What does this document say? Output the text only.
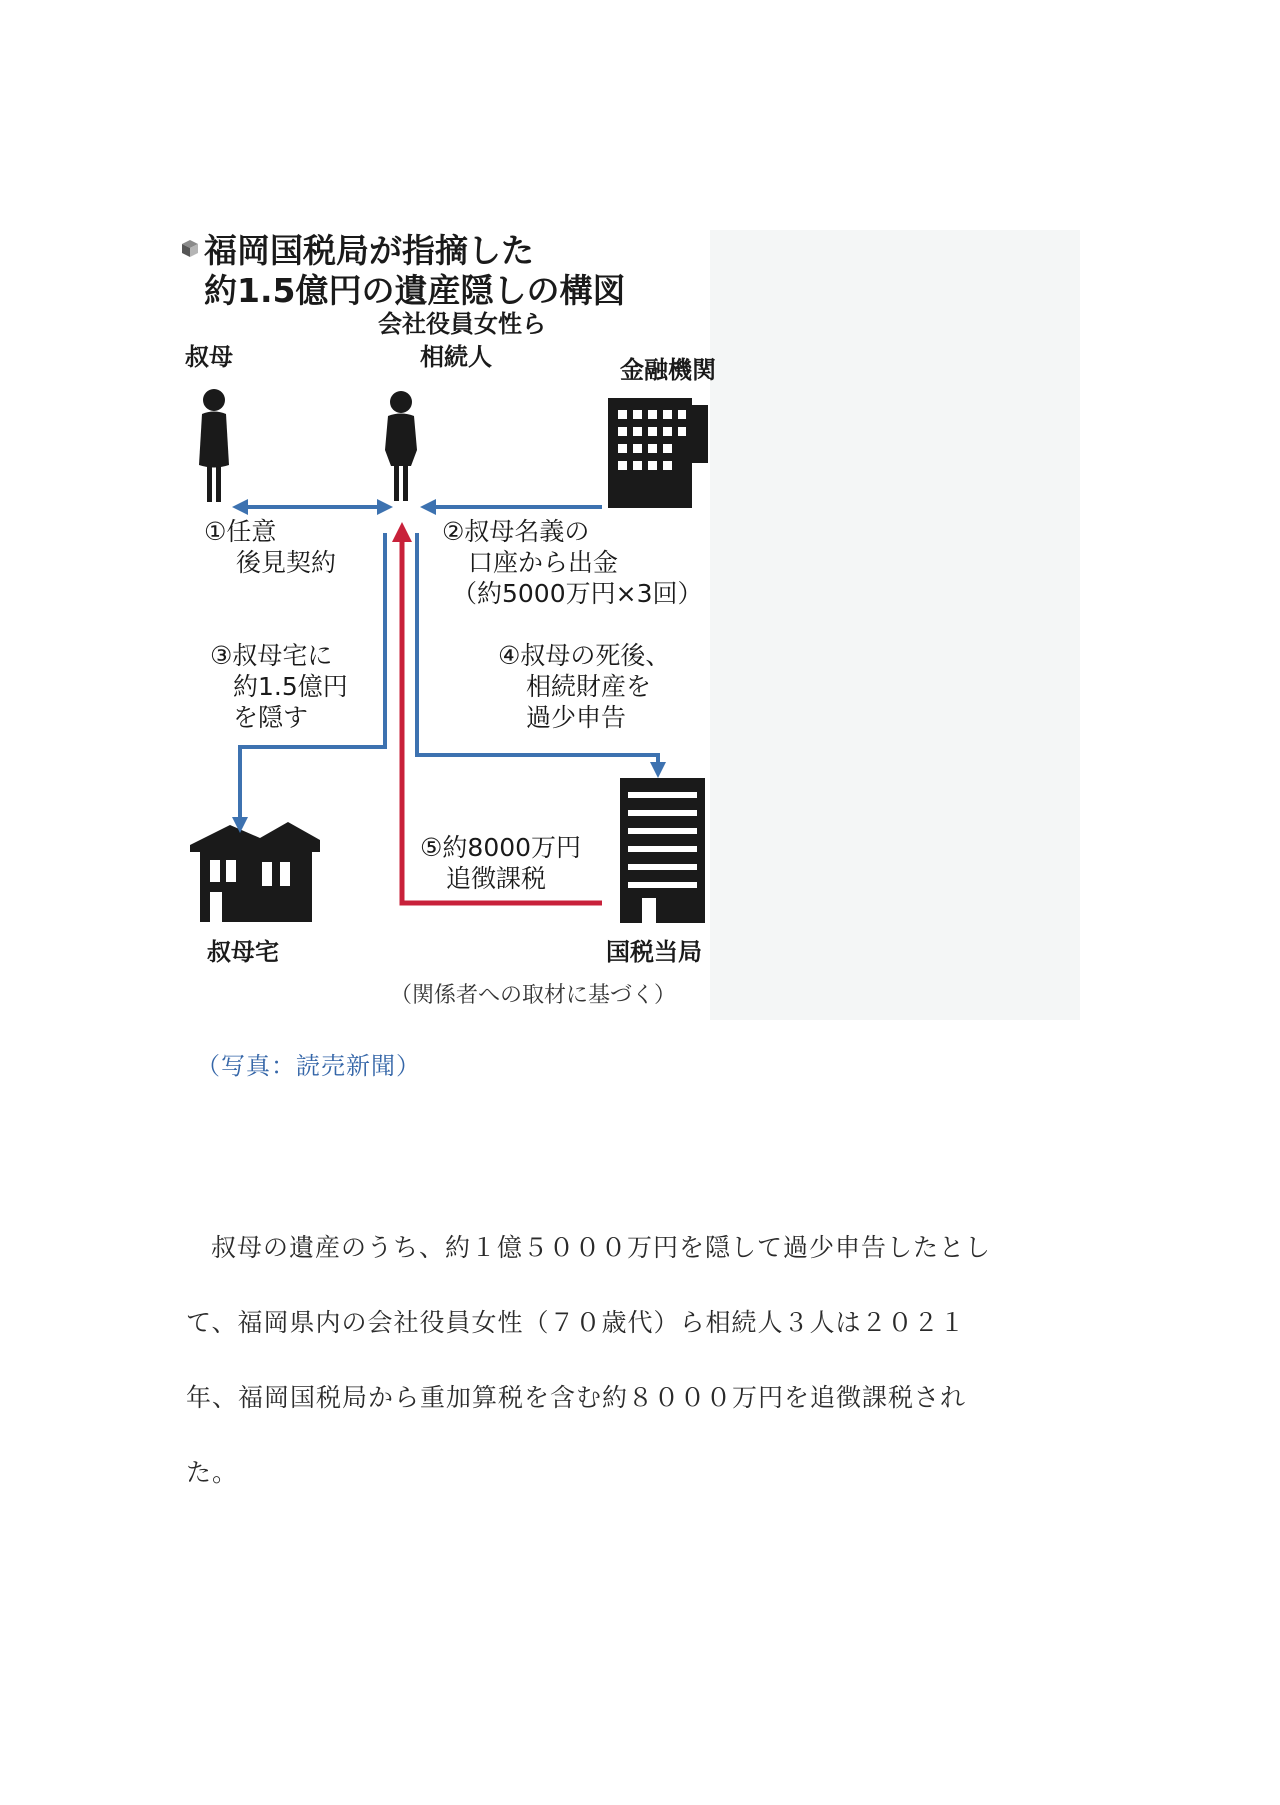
福岡国税局が指摘した
約1.5億円の遺産隠しの構図
叔母
会社役員女性ら
相続人	金融機関
叔母宅	国税当局
（関係者への取材に基づく）
①任意
後見契約
②叔母名義の
口座から出金
（約5000万円×3回）
③叔母宅に
約1.5億円
を隠す
④叔母の死後、
相続財産を
過少申告
⑤約8000万円
追徴課税
（写真：読売新聞）

叔母の遺産のうち、約１億５０００万円を隠して過少申告したとし

て、福岡県内の会社役員女性（７０歳代）ら相続人３人は２０２１

年、福岡国税局から重加算税を含む約８０００万円を追徴課税され

た。
